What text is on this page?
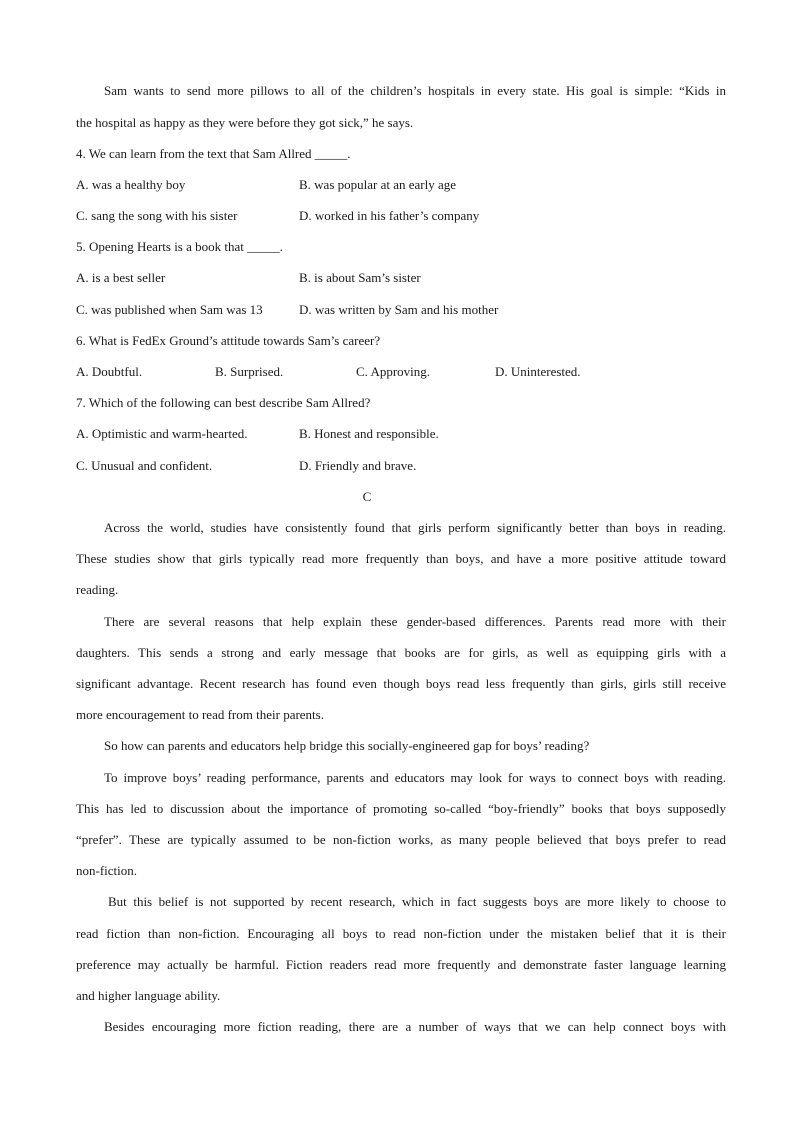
Sam wants to send more pillows to all of the children’s hospitals in every state. His goal is simple: “Kids in
the hospital as happy as they were before they got sick,” he says.
4. We can learn from the text that Sam Allred _____.
A. was a healthy boy	B. was popular at an early age
C. sang the song with his sister	D. worked in his father’s company
5. Opening Hearts is a book that _____.
A. is a best seller	B. is about Sam’s sister
C. was published when Sam was 13	D. was written by Sam and his mother
6. What is FedEx Ground’s attitude towards Sam’s career?
A. Doubtful.	B. Surprised.	C. Approving.	D. Uninterested.
7. Which of the following can best describe Sam Allred?
A. Optimistic and warm-hearted.	B. Honest and responsible.
C. Unusual and confident.	D. Friendly and brave.
C
Across the world, studies have consistently found that girls perform significantly better than boys in reading.
These studies show that girls typically read more frequently than boys, and have a more positive attitude toward
reading.
There are several reasons that help explain these gender-based differences. Parents read more with their
daughters. This sends a strong and early message that books are for girls, as well as equipping girls with a
significant advantage. Recent research has found even though boys read less frequently than girls, girls still receive
more encouragement to read from their parents.
So how can parents and educators help bridge this socially-engineered gap for boys’ reading?
To improve boys’ reading performance, parents and educators may look for ways to connect boys with reading.
This has led to discussion about the importance of promoting so-called “boy-friendly” books that boys supposedly
“prefer”. These are typically assumed to be non-fiction works, as many people believed that boys prefer to read
non-fiction.
But this belief is not supported by recent research, which in fact suggests boys are more likely to choose to
read fiction than non-fiction. Encouraging all boys to read non-fiction under the mistaken belief that it is their
preference may actually be harmful. Fiction readers read more frequently and demonstrate faster language learning
and higher language ability.
Besides encouraging more fiction reading, there are a number of ways that we can help connect boys with
